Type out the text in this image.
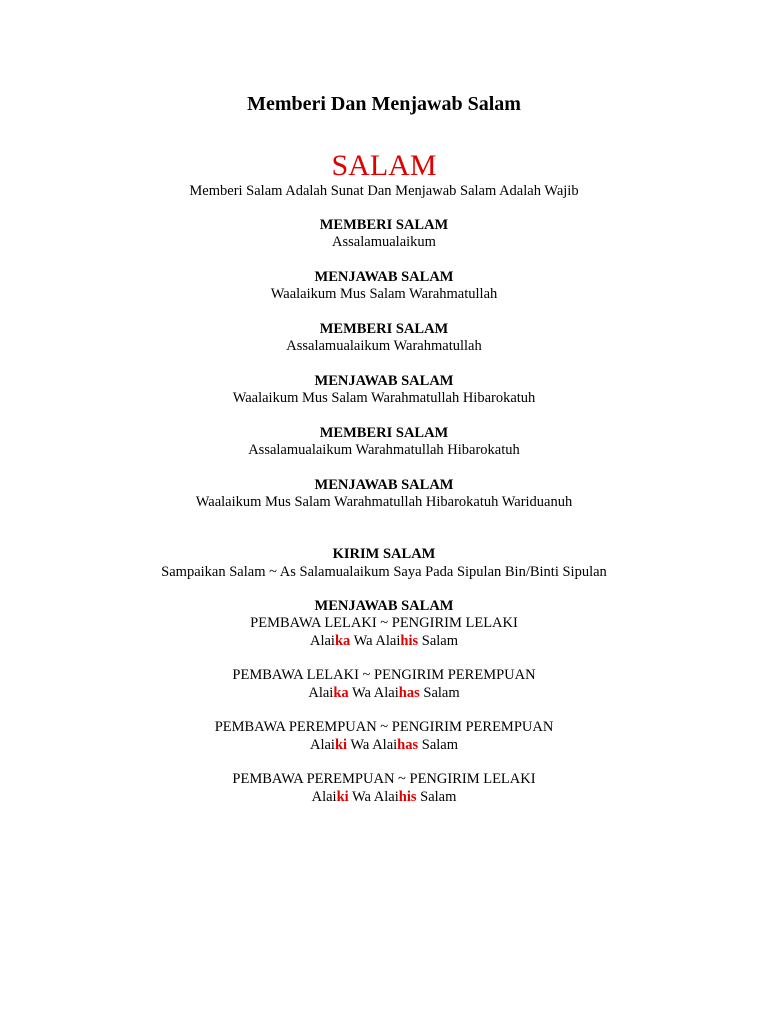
Memberi Dan Menjawab Salam
SALAM
Memberi Salam Adalah Sunat Dan Menjawab Salam Adalah Wajib
MEMBERI SALAM
Assalamualaikum
MENJAWAB SALAM
Waalaikum Mus Salam Warahmatullah
MEMBERI SALAM
Assalamualaikum Warahmatullah
MENJAWAB SALAM
Waalaikum Mus Salam Warahmatullah Hibarokatuh
MEMBERI SALAM
Assalamualaikum Warahmatullah Hibarokatuh
MENJAWAB SALAM
Waalaikum Mus Salam Warahmatullah Hibarokatuh Wariduanuh
KIRIM SALAM
Sampaikan Salam ~ As Salamualaikum Saya Pada Sipulan Bin/Binti Sipulan
MENJAWAB SALAM
PEMBAWA LELAKI ~ PENGIRIM LELAKI
Alaika Wa Alaihis Salam
PEMBAWA LELAKI ~ PENGIRIM PEREMPUAN
Alaika Wa Alaihas Salam
PEMBAWA PEREMPUAN ~ PENGIRIM PEREMPUAN
Alaiki Wa Alaihas Salam
PEMBAWA PEREMPUAN ~ PENGIRIM LELAKI
Alaiki Wa Alaihis Salam
